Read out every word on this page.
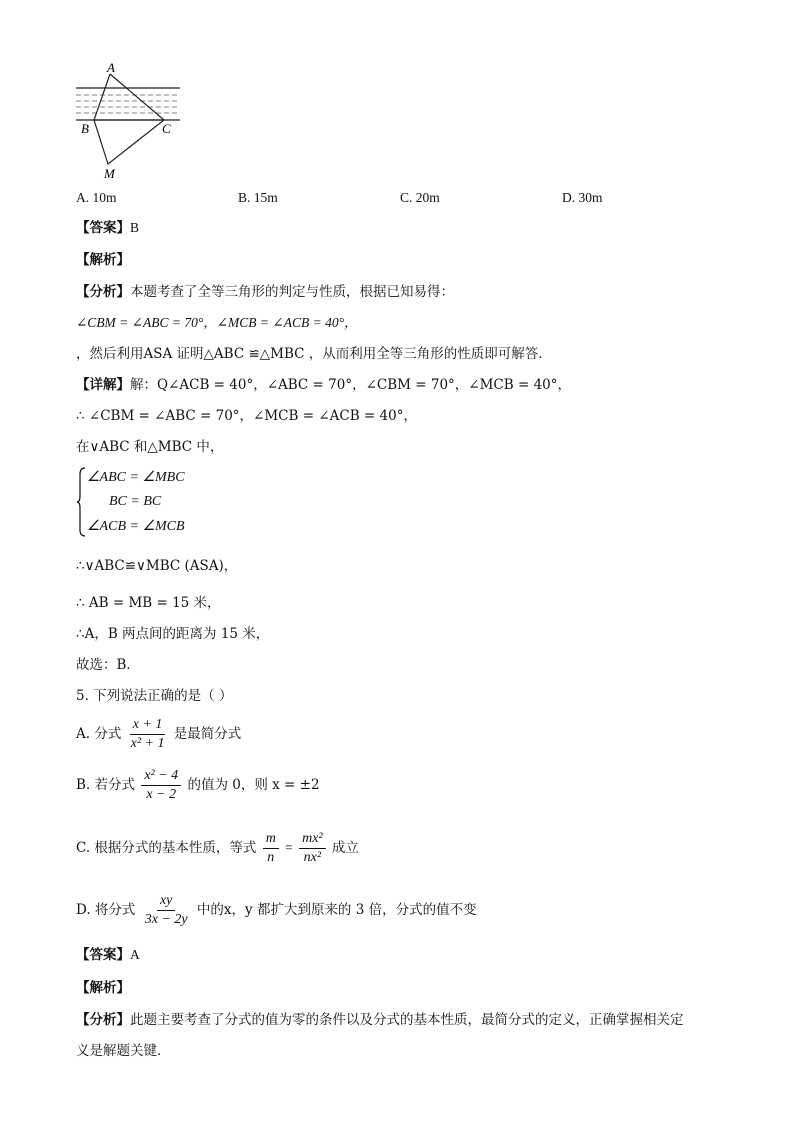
A
B	C
M
A. 10m	B. 15m	C. 20m	D. 30m
【答案】B
【解析】
【分析】本题考查了全等三角形的判定与性质，根据已知易得：
∠CBM = ∠ABC = 70°，∠MCB = ∠ACB = 40°，
，然后利用ASA 证明△ABC ≌△MBC ，从而利用全等三角形的性质即可解答．
【详解】解：Q∠ACB = 40°，∠ABC = 70°，∠CBM = 70°，∠MCB = 40°，
∴ ∠CBM = ∠ABC = 70°，∠MCB = ∠ACB = 40°，
在∨ABC 和△MBC 中，
∠ABC = ∠MBC
BC = BC
∠ACB = ∠MCB
∴∨ABC≌∨MBC (ASA)，
∴ AB = MB = 15 米，
∴A，B 两点间的距离为 15 米，
故选：B．
5. 下列说法正确的是（ ）
A. 分式 $\frac{x + 1}{\text{x² + 1}}$ 是最简分式
B. 若分式 $\frac{\text{x² − 4}}{x - 2}$ 的值为 0，则 x = ±2
C. 根据分式的基本性质，等式 $\frac{m}{n} = \frac{\text{mx²}}{\text{nx²}}$ 成立
D. 将分式 $\frac{xy}{3x - 2y}$ 中的x，y 都扩大到原来的 3 倍，分式的值不变
【答案】A
【解析】
【分析】此题主要考查了分式的值为零的条件以及分式的基本性质，最简分式的定义，正确掌握相关定
义是解题关键．
